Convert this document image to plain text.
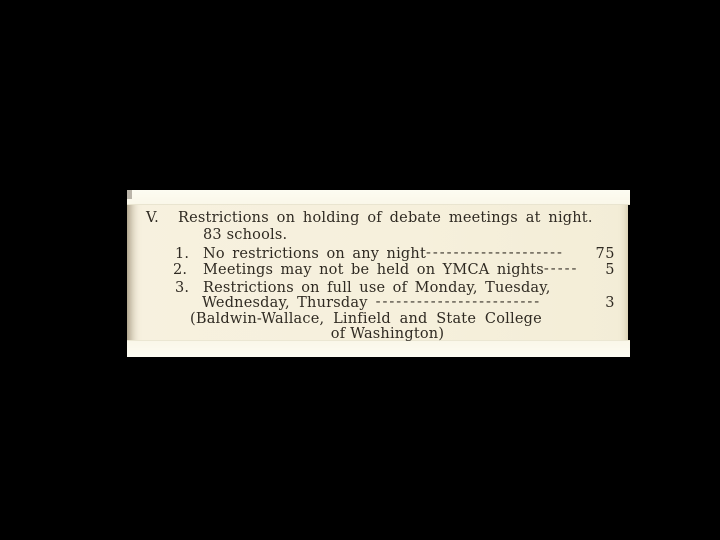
V. Restrictions on holding of debate meetings at night.
83 schools.
1. No restrictions on any night-------------------- 75
2. Meetings may not be held on YMCA nights----- 5
3. Restrictions on full use of Monday, Tuesday,
Wednesday, Thursday ------------------------	3
(Baldwin-Wallace, Linfield and State College
of Washington)
